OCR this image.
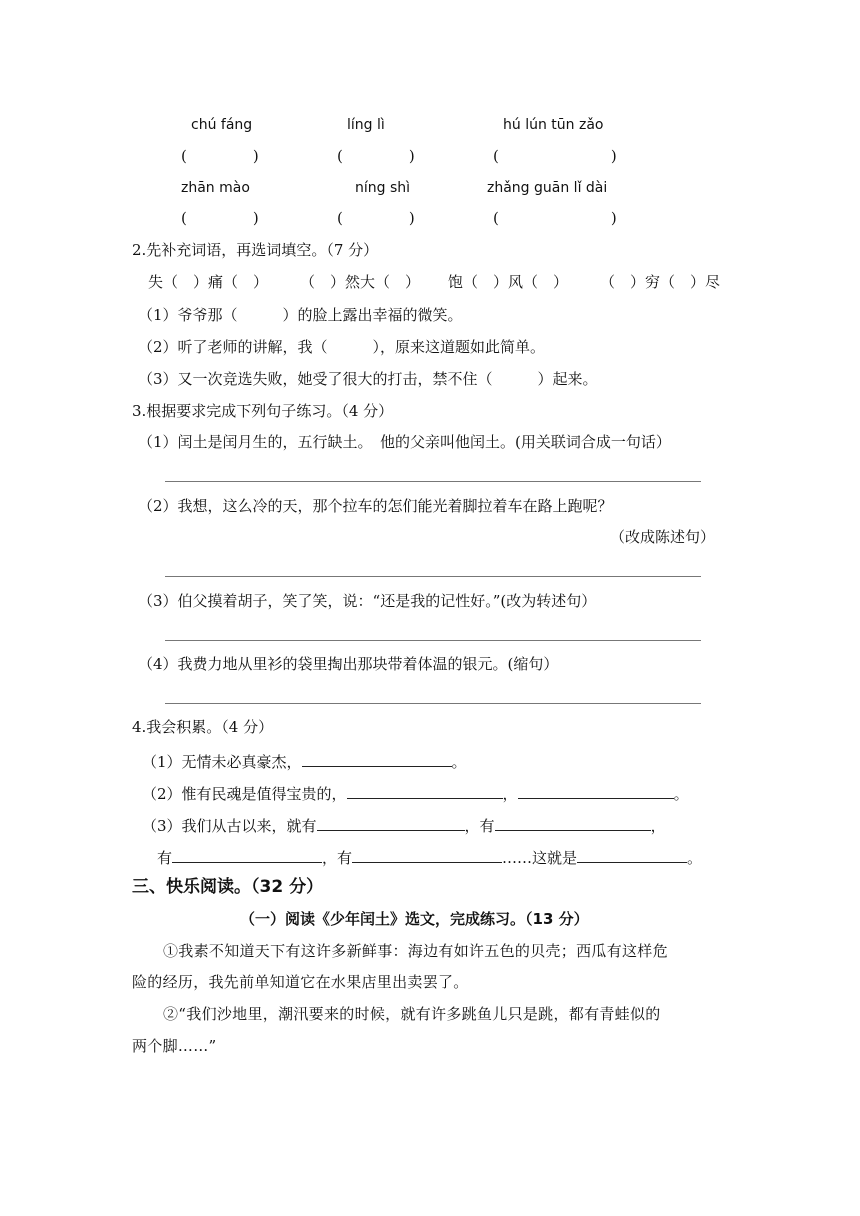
chú fáng	líng lì	hú lún tūn zǎo
(	)	(	)	(	)
zhān mào	níng shì	zhǎng guān lǐ dài
(	)	(	)	(	)
2.先补充词语，再选词填空。（7 分）
失（　）痛（　） （　）然大（　） 饱（　）风（　） （　）穷（　）尽
（1）爷爷那（　　　）的脸上露出幸福的微笑。
（2）听了老师的讲解，我（　　　），原来这道题如此简单。
（3）又一次竞选失败，她受了很大的打击，禁不住（　　　）起来。
3.根据要求完成下列句子练习。（4 分）
（1）闰土是闰月生的，五行缺土。　他的父亲叫他闰土。(用关联词合成一句话）
（2）我想，这么冷的天，那个拉车的怎们能光着脚拉着车在路上跑呢？
（改成陈述句）
（3）伯父摸着胡子，笑了笑，说：“还是我的记性好。”(改为转述句）
（4）我费力地从里衫的袋里掏出那块带着体温的银元。(缩句）
4.我会积累。（4 分）
（1）无情未必真豪杰，	。
（2）惟有民魂是值得宝贵的，	，	。
（3）我们从古以来，就有	，有	，
有	，有	……这就是	。
三、快乐阅读。（32 分）
（一）阅读《少年闰土》选文，完成练习。（13 分）
①我素不知道天下有这许多新鲜事：海边有如许五色的贝壳；西瓜有这样危
险的经历，我先前单知道它在水果店里出卖罢了。
②“我们沙地里，潮汛要来的时候，就有许多跳鱼儿只是跳，都有青蛙似的
两个脚……”
